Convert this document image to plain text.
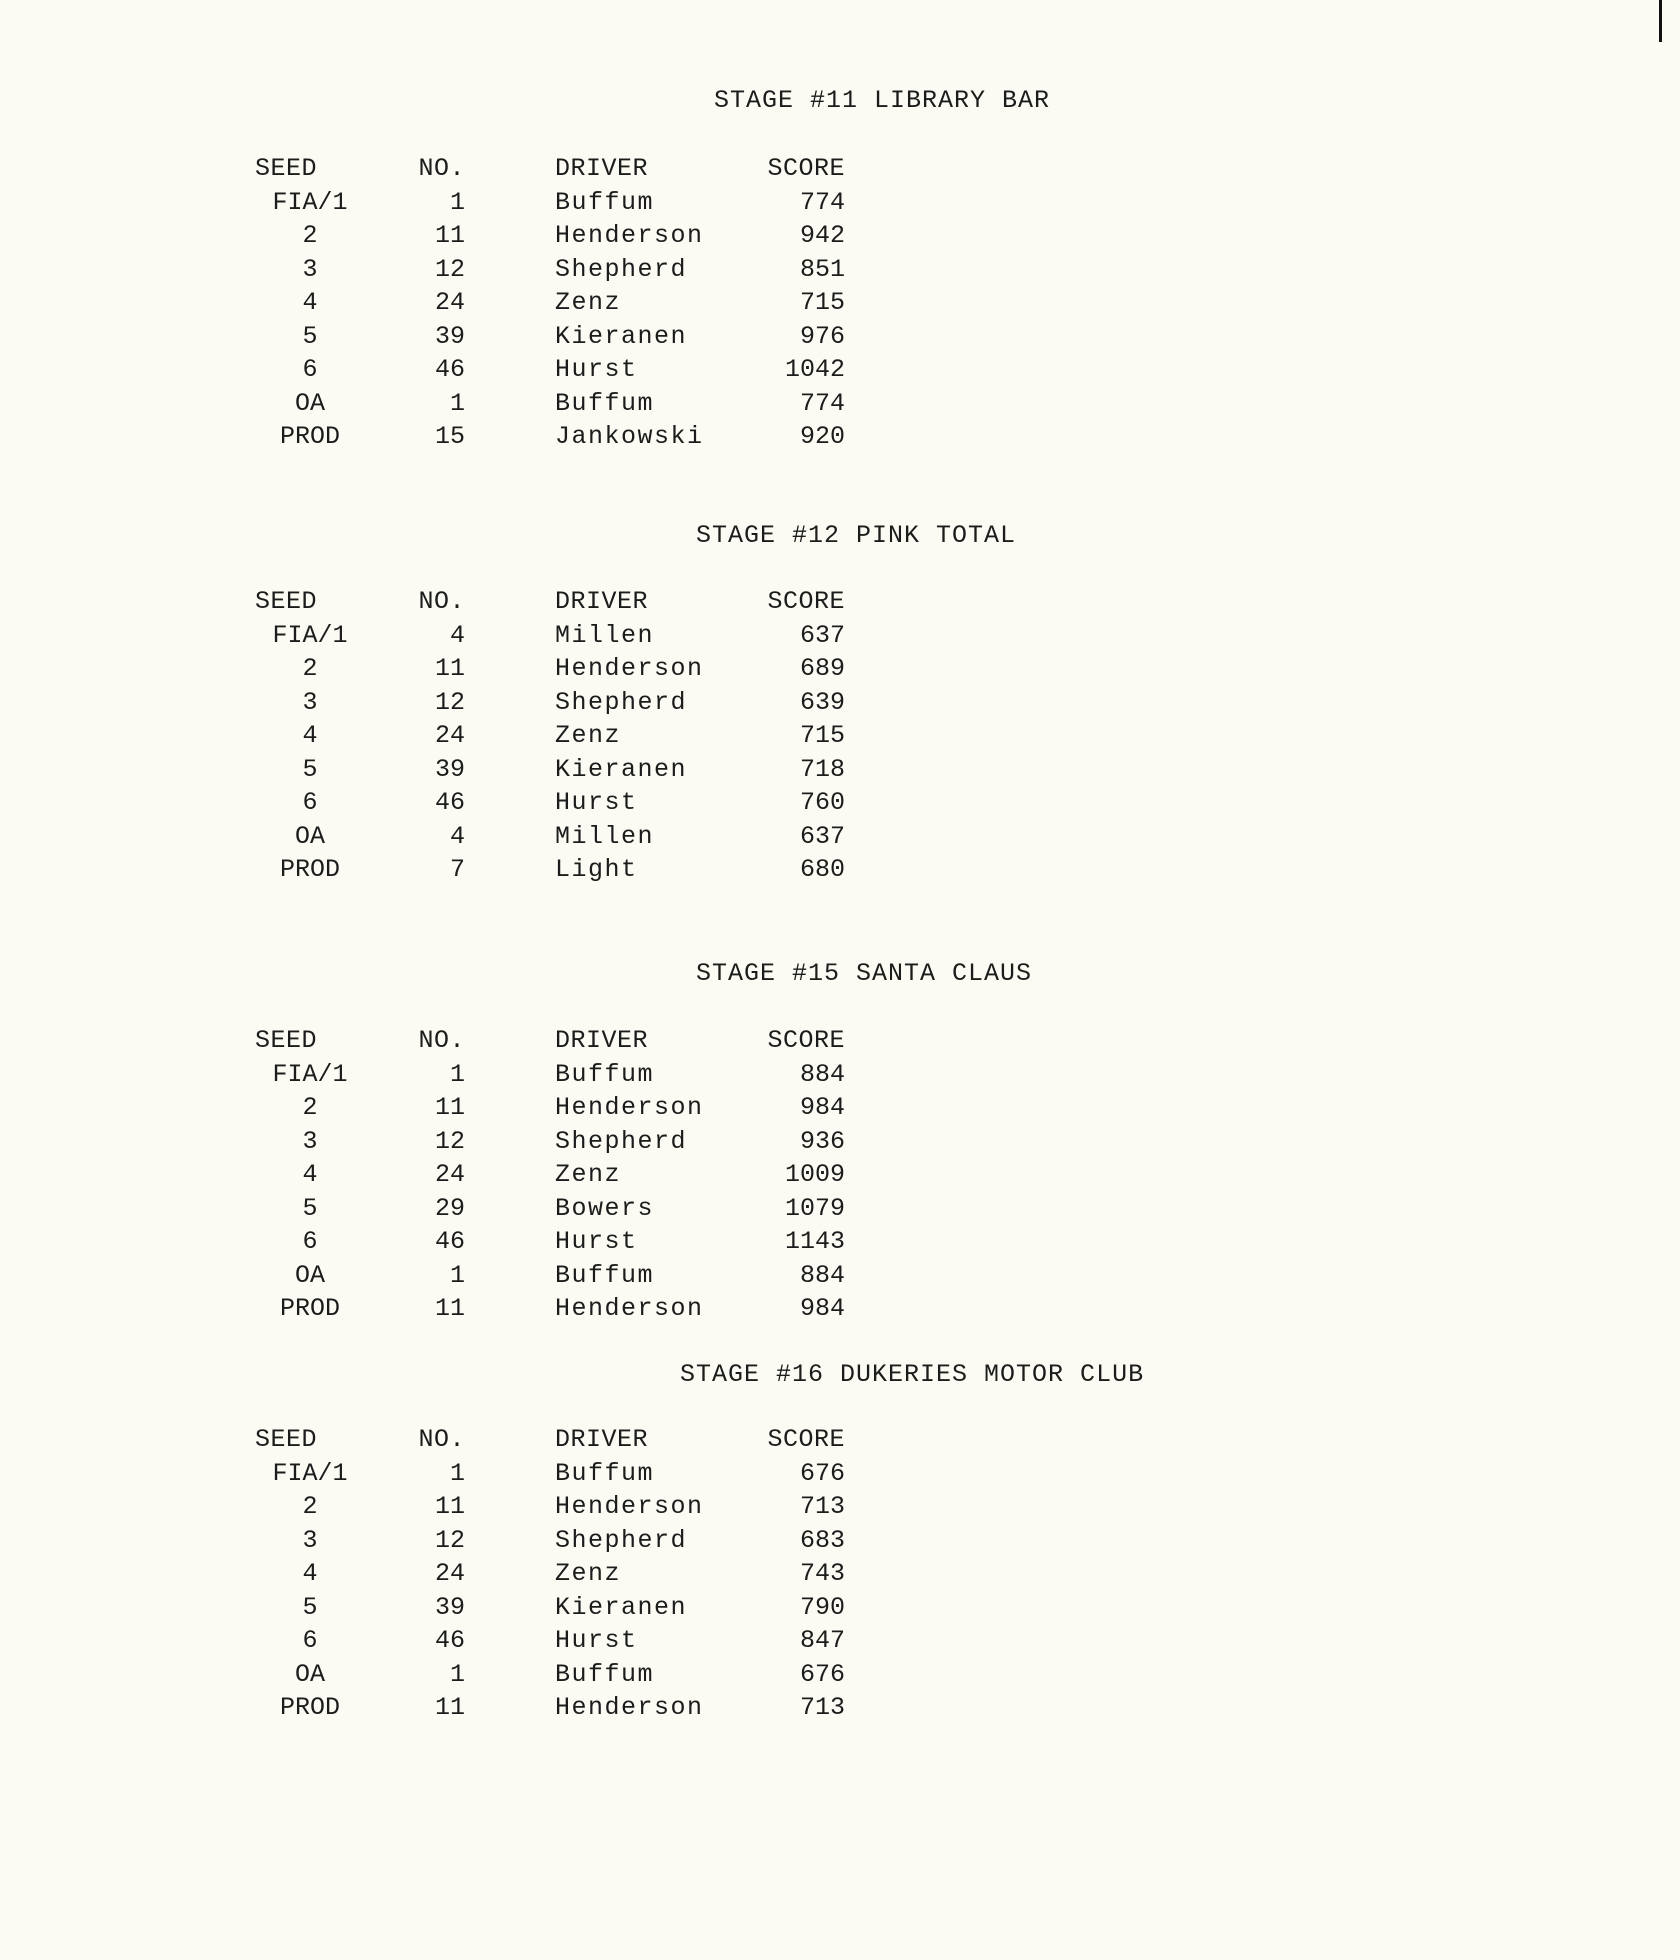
STAGE #11 LIBRARY BAR
SEED	NO.		DRIVER	SCORE
FIA/1	1		Buffum	774
2	11		Henderson	942
3	12		Shepherd	851
4	24		Zenz	715
5	39		Kieranen	976
6	46		Hurst	1042
OA	1		Buffum	774
PROD	15		Jankowski	920
STAGE #12 PINK TOTAL
SEED	NO.		DRIVER	SCORE
FIA/1	4		Millen	637
2	11		Henderson	689
3	12		Shepherd	639
4	24		Zenz	715
5	39		Kieranen	718
6	46		Hurst	760
OA	4		Millen	637
PROD	7		Light	680
STAGE #15 SANTA CLAUS
SEED	NO.		DRIVER	SCORE
FIA/1	1		Buffum	884
2	11		Henderson	984
3	12		Shepherd	936
4	24		Zenz	1009
5	29		Bowers	1079
6	46		Hurst	1143
OA	1		Buffum	884
PROD	11		Henderson	984
STAGE #16 DUKERIES MOTOR CLUB
SEED	NO.		DRIVER	SCORE
FIA/1	1		Buffum	676
2	11		Henderson	713
3	12		Shepherd	683
4	24		Zenz	743
5	39		Kieranen	790
6	46		Hurst	847
OA	1		Buffum	676
PROD	11		Henderson	713
